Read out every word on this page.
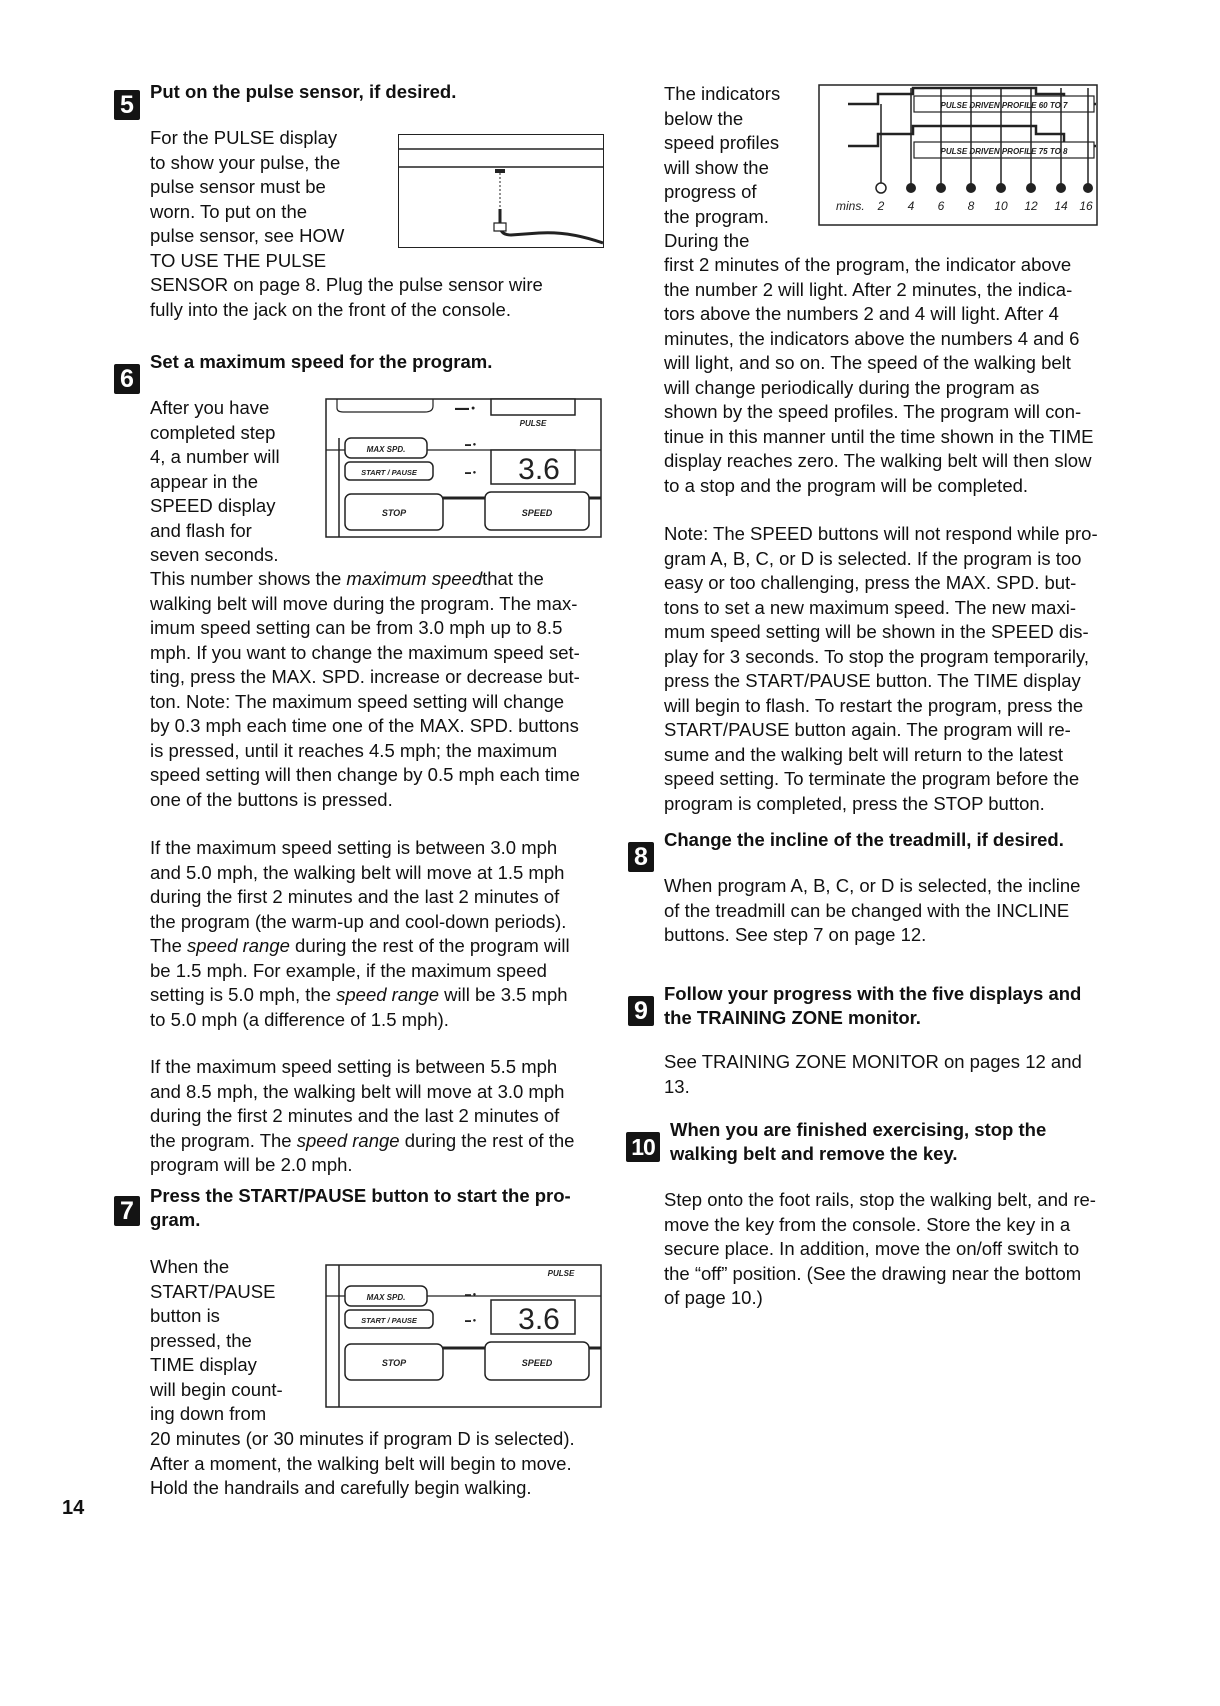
5 Put on the pulse sensor, if desired.

For the PULSE display

to show your pulse, the

pulse sensor must be

worn. To put on the

pulse sensor, see HOW

TO USE THE PULSE

SENSOR on page 8. Plug the pulse sensor wire

fully into the jack on the front of the console.

6
Set a maximum speed for the program.

After you have

completed step

4, a number will

appear in the

SPEED display

and flash for

seven seconds.

This number shows the maximum speedthat the

walking belt will move during the program. The max-

imum speed setting can be from 3.0 mph up to 8.5

mph. If you want to change the maximum speed set-

ting, press the MAX. SPD. increase or decrease but-

ton. Note: The maximum speed setting will change

by 0.3 mph each time one of the MAX. SPD. buttons

is pressed, until it reaches 4.5 mph; the maximum

speed setting will then change by 0.5 mph each time

one of the buttons is pressed.

If the maximum speed setting is between 3.0 mph

and 5.0 mph, the walking belt will move at 1.5 mph

during the first 2 minutes and the last 2 minutes of

the program (the warm-up and cool-down periods).

The speed range during the rest of the program will

be 1.5 mph. For example, if the maximum speed

setting is 5.0 mph, the speed range will be 3.5 mph

to 5.0 mph (a difference of 1.5 mph).

If the maximum speed setting is between 5.5 mph

and 8.5 mph, the walking belt will move at 3.0 mph

during the first 2 minutes and the last 2 minutes of

the program. The speed range during the rest of the

program will be 2.0 mph.

▬▬ ●
PULSE
MAX SPD.
START / PAUSE
▬ ●
▬ ● 3.6
STOP	SPEED
7
Press the START/PAUSE button to start the pro-
gram.

When the

START/PAUSE

button is

pressed, the

TIME display

will begin count-

ing down from

20 minutes (or 30 minutes if program D is selected).

After a moment, the walking belt will begin to move.

Hold the handrails and carefully begin walking.

PULSE
MAX SPD.
START / PAUSE
▬ ●
▬ ● 3.6
STOP	SPEED
14

The indicators

below the

speed profiles

will show the

progress of

the program.

During the

PULSE DRIVEN PROFILE 60 TO 7
PULSE DRIVEN PROFILE 75 TO 8
mins. 2 4 6 8 10 12 14 16

first 2 minutes of the program, the indicator above

the number 2 will light. After 2 minutes, the indica-

tors above the numbers 2 and 4 will light. After 4

minutes, the indicators above the numbers 4 and 6

will light, and so on. The speed of the walking belt

will change periodically during the program as

shown by the speed profiles. The program will con-

tinue in this manner until the time shown in the TIME

display reaches zero. The walking belt will then slow

to a stop and the program will be completed.

Note: The SPEED buttons will not respond while pro-

gram A, B, C, or D is selected. If the program is too

easy or too challenging, press the MAX. SPD. but-

tons to set a new maximum speed. The new maxi-

mum speed setting will be shown in the SPEED dis-

play for 3 seconds. To stop the program temporarily,

press the START/PAUSE button. The TIME display

will begin to flash. To restart the program, press the

START/PAUSE button again. The program will re-

sume and the walking belt will return to the latest

speed setting. To terminate the program before the

program is completed, press the STOP button.

8
Change the incline of the treadmill, if desired.

When program A, B, C, or D is selected, the incline

of the treadmill can be changed with the INCLINE

buttons. See step 7 on page 12.

9
Follow your progress with the five displays and
the TRAINING ZONE monitor.

See TRAINING ZONE MONITOR on pages 12 and

13.

10
When you are finished exercising, stop the
walking belt and remove the key.

Step onto the foot rails, stop the walking belt, and re-

move the key from the console. Store the key in a

secure place. In addition, move the on/off switch to

the “off” position. (See the drawing near the bottom

of page 10.)
